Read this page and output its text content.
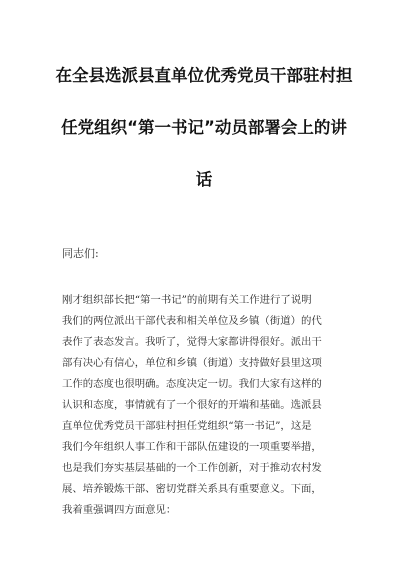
在全县选派县直单位优秀党员干部驻村担
任党组织“第一书记”动员部署会上的讲
话
同志们:
刚才组织部长把“第一书记”的前期有关工作进行了说明
我们的两位派出干部代表和相关单位及乡镇（街道）的代
表作了表态发言。我听了，觉得大家都讲得很好。派出干
部有决心有信心，单位和乡镇（街道）支持做好县里这项
工作的态度也很明确。态度决定一切。我们大家有这样的
认识和态度，事情就有了一个很好的开端和基础。选派县
直单位优秀党员干部驻村担任党组织“第一书记”，这是
我们今年组织人事工作和干部队伍建设的一项重要举措，
也是我们夯实基层基础的一个工作创新，对于推动农村发
展、培养锻炼干部、密切党群关系具有重要意义。下面，
我着重强调四方面意见：
